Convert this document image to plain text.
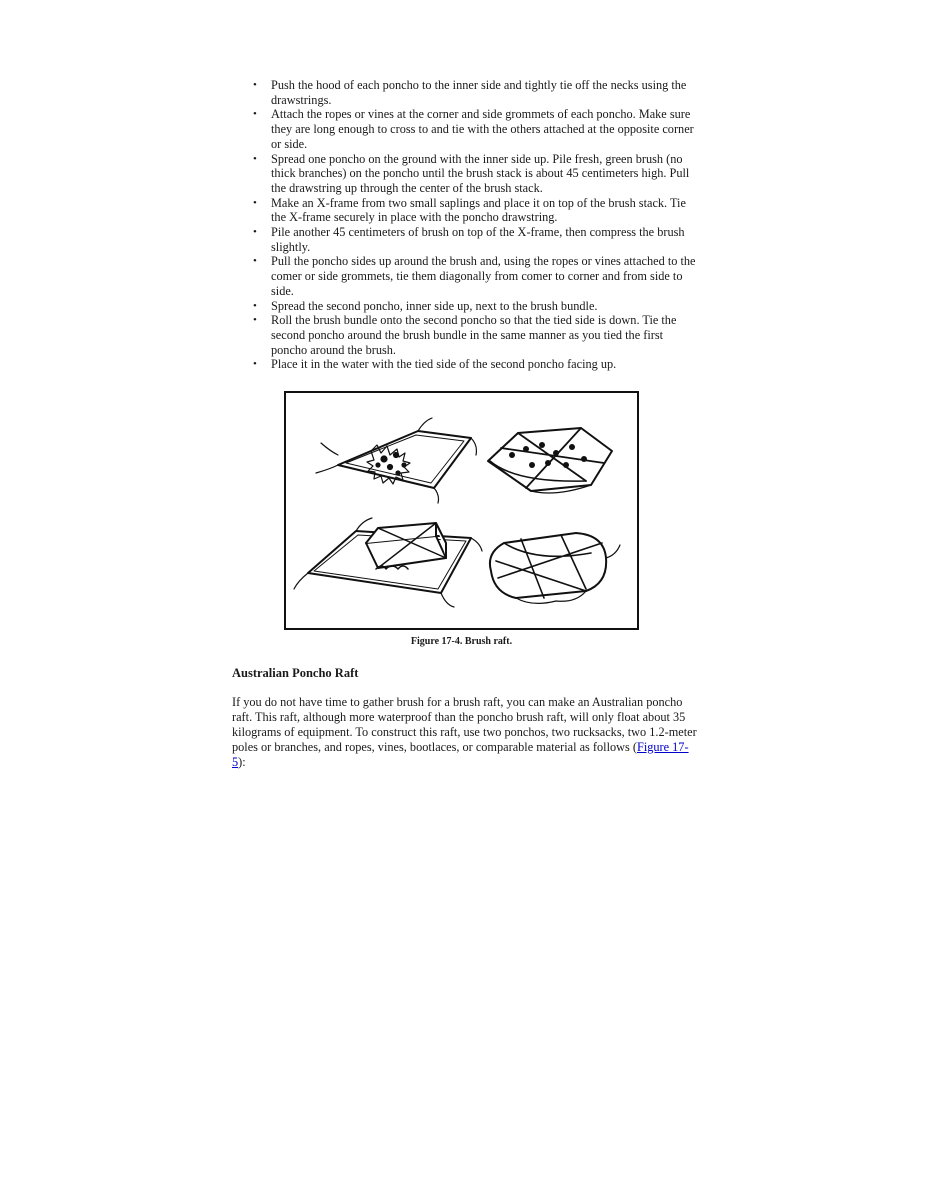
• Push the hood of each poncho to the inner side and tightly tie off the necks using the drawstrings.
• Attach the ropes or vines at the corner and side grommets of each poncho. Make sure they are long enough to cross to and tie with the others attached at the opposite corner or side.
• Spread one poncho on the ground with the inner side up. Pile fresh, green brush (no thick branches) on the poncho until the brush stack is about 45 centimeters high. Pull the drawstring up through the center of the brush stack.
• Make an X-frame from two small saplings and place it on top of the brush stack. Tie the X-frame securely in place with the poncho drawstring.
• Pile another 45 centimeters of brush on top of the X-frame, then compress the brush slightly.
• Pull the poncho sides up around the brush and, using the ropes or vines attached to the comer or side grommets, tie them diagonally from comer to corner and from side to side.
• Spread the second poncho, inner side up, next to the brush bundle.
• Roll the brush bundle onto the second poncho so that the tied side is down. Tie the second poncho around the brush bundle in the same manner as you tied the first poncho around the brush.
• Place it in the water with the tied side of the second poncho facing up.
Figure 17-4. Brush raft.
Australian Poncho Raft

If you do not have time to gather brush for a brush raft, you can make an Australian poncho raft. This raft, although more waterproof than the poncho brush raft, will only float about 35 kilograms of equipment. To construct this raft, use two ponchos, two rucksacks, two 1.2-meter poles or branches, and ropes, vines, bootlaces, or comparable material as follows (Figure 17-5):
